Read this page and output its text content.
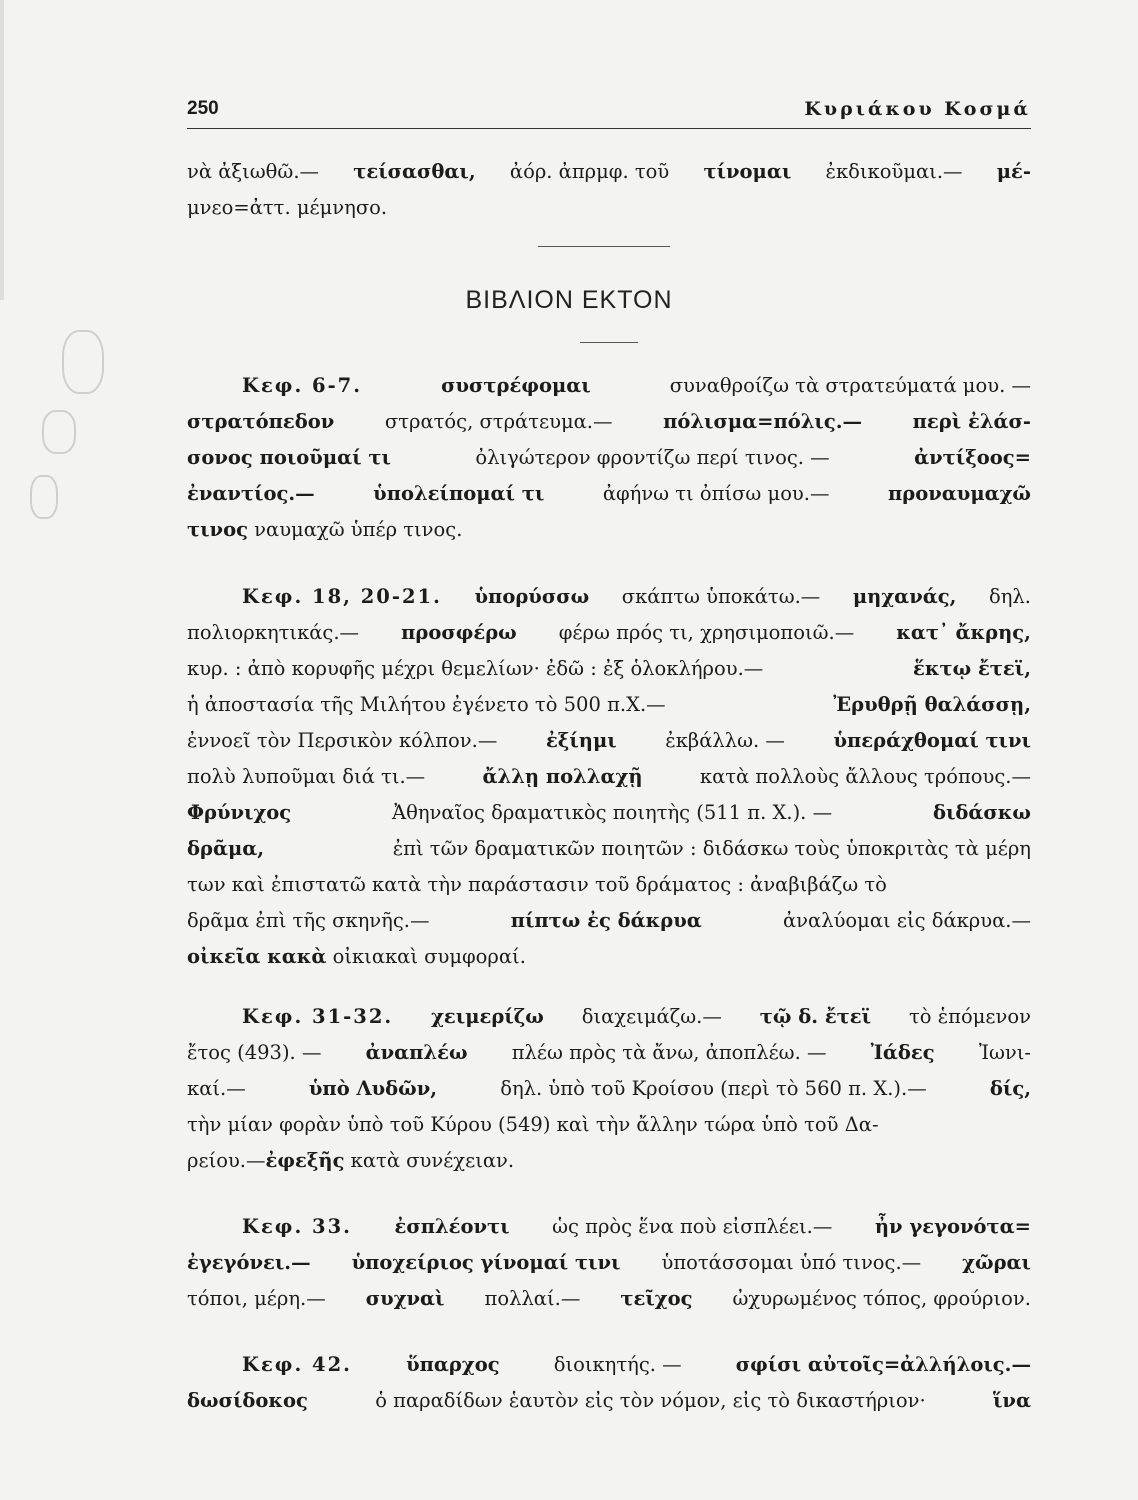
250	Κυριάκου Κοσμά
νὰ ἀξιωθῶ.— τείσασθαι, ἀόρ. ἀπρμφ. τοῦ τίνομαι ἐκδικοῦμαι.— μέ-
μνεο=ἀττ. μέμνησο.
ΒΙΒΛΙΟΝ ΕΚΤΟΝ
Κεφ. 6-7.	συστρέφομαι	συναθροίζω τὰ στρατεύματά μου. —
στρατόπεδον	στρατός, στράτευμα.—	πόλισμα=πόλις.—	περὶ ἐλάσ-
σονος ποιοῦμαί τι	ὀλιγώτερον φροντίζω περί τινος. —	ἀντίξοος=
ἐναντίος.—	ὑπολείπομαί τι	ἀφήνω τι ὀπίσω μου.—	προναυμαχῶ
τινος
ναυμαχῶ ὑπέρ τινος.
Κεφ. 18, 20-21. ὑπορύσσω σκάπτω ὑποκάτω.— μηχανάς, δηλ.
πολιορκητικάς.— προσφέρω φέρω πρός τι, χρησιμοποιῶ.— κατ᾽ ἄκρης,
κυρ. : ἀπὸ κορυφῆς μέχρι θεμελίων· ἐδῶ : ἐξ ὁλοκλήρου.—	ἕκτῳ ἔτεϊ,
ἡ ἀποστασία τῆς Μιλήτου ἐγένετο τὸ 500 π.Χ.—	Ἐρυθρῇ θαλάσσῃ,
ἐννοεῖ τὸν Περσικὸν κόλπον.— ἐξίημι ἐκβάλλω. — ὑπεράχθομαί τινι
πολὺ λυποῦμαι διά τι.—	ἄλλῃ πολλαχῇ	κατὰ πολλοὺς ἄλλους τρόπους.—
Φρύνιχος	Ἀθηναῖος δραματικὸς ποιητὴς (511 π. Χ.). —	διδάσκω
δρᾶμα,	ἐπὶ τῶν δραματικῶν ποιητῶν : διδάσκω τοὺς ὑποκριτὰς τὰ μέρη
των καὶ ἐπιστατῶ κατὰ τὴν παράστασιν τοῦ δράματος : ἀναβιβάζω τὸ
δρᾶμα ἐπὶ τῆς σκηνῆς.—	πίπτω ἐς δάκρυα	ἀναλύομαι εἰς δάκρυα.—
οἰκεῖα κακὰ
οἰκιακαὶ συμφοραί.
Κεφ. 31-32. χειμερίζω διαχειμάζω.— τῷ δ. ἔτεϊ τὸ ἑπόμενον
ἔτος (493). — ἀναπλέω πλέω πρὸς τὰ ἄνω, ἀποπλέω. — Ἰάδες Ἰωνι-
καί.—	ὑπὸ Λυδῶν,	δηλ. ὑπὸ τοῦ Κροίσου (περὶ τὸ 560 π. Χ.).—	δίς,
τὴν μίαν φορὰν ὑπὸ τοῦ Κύρου (549) καὶ τὴν ἄλλην τώρα ὑπὸ τοῦ Δα-
ρείου.— ἐφεξῆς
κατὰ συνέχειαν.
Κεφ. 33. ἐσπλέοντι ὡς πρὸς ἕνα ποὺ εἰσπλέει.— ἦν γεγονότα=
ἐγεγόνει.— ὑποχείριος γίνομαί τινι ὑποτάσσομαι ὑπό τινος.— χῶραι
τόποι, μέρη.— συχναὶ πολλαί.— τεῖχος ὠχυρωμένος τόπος, φρούριον.
Κεφ. 42.	ὕπαρχος	διοικητής. —	σφίσι αὐτοῖς=ἀλλήλοις.—
δωσίδοκος	ὁ παραδίδων ἑαυτὸν εἰς τὸν νόμον, εἰς τὸ δικαστήριον·	ἵνα
